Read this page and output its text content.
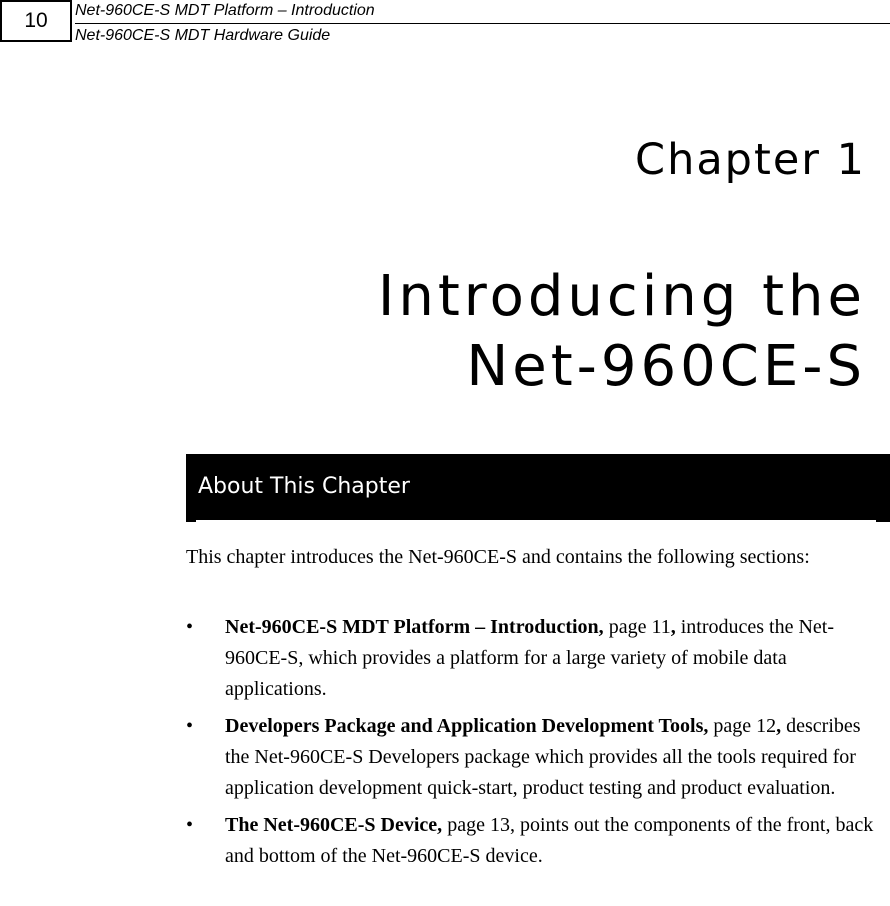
10	Net-960CE-S MDT Platform – Introduction
Net-960CE-S MDT Hardware Guide
Chapter 1
Introducing the
Net-960CE-S
About This Chapter
This chapter introduces the Net-960CE-S and contains the following sections:
• Net-960CE-S MDT Platform – Introduction, page 11, introduces the Net-960CE-S, which provides a platform for a large variety of mobile data applications.
• Developers Package and Application Development Tools, page 12, describes the Net-960CE-S Developers package which provides all the tools required for application development quick-start, product testing and product evaluation.
• The Net-960CE-S Device, page 13, points out the components of the front, back and bottom of the Net-960CE-S device.
